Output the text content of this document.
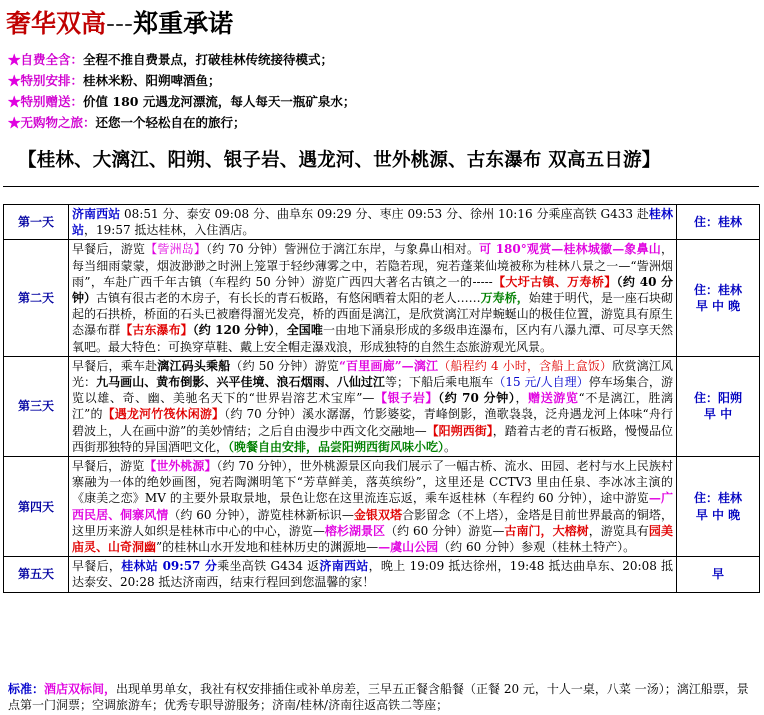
奢华双高---郑重承诺
★自费全含：全程不推自费景点，打破桂林传统接待模式；
★特别安排：桂林米粉、阳朔啤酒鱼；
★特别赠送：价值 180 元遇龙河漂流，每人每天一瓶矿泉水；
★无购物之旅：还您一个轻松自在的旅行；
【桂林、大漓江、阳朔、银子岩、遇龙河、世外桃源、古东瀑布 双高五日游】
第一天	济南西站 08:51 分、泰安 09:08 分、曲阜东 09:29 分、枣庄 09:53 分、徐州 10:16 分乘座高铁 G433 赴桂林站，19:57 抵达桂林，入住酒店。	住：桂林

第二天	早餐后，游览【訾洲岛】（约 70 分钟）訾洲位于漓江东岸，与象鼻山相对。可 180°观赏—桂林城徽—象鼻山，每当细雨蒙蒙，烟波渺渺之时洲上笼罩于轻纱薄雾之中，若隐若现，宛若蓬莱仙境被称为桂林八景之一—“訾洲烟雨”，车赴广西千年古镇（车程约 50 分钟）游览广西四大著名古镇之一的-----【大圩古镇、万寿桥】（约 40 分钟）古镇有很古老的木房子，有长长的青石板路，有悠闲晒着太阳的老人……万寿桥，始建于明代，是一座石块砌起的石拱桥，桥面的石头已被磨得溜光发亮，桥的西面是漓江，是欣赏漓江对岸蜿蜒山的极佳位置，游览具有原生态瀑布群【古东瀑布】（约 120 分钟），全国唯一由地下涌泉形成的多级串连瀑布，区内有八瀑九潭、可尽享天然氧吧。最大特色：可换穿草鞋、戴上安全帽走瀑戏浪，形成独特的自然生态旅游观光风景。	住：桂林
早 中 晚

第三天	早餐后，乘车赴漓江码头乘船（约 50 分钟）游览“百里画廊”—漓江（船程约 4 小时，含船上盒饭）欣赏漓江风光：九马画山、黄布倒影、兴平佳境、浪石烟雨、八仙过江等；下船后乘电瓶车（15 元/人自理）停车场集合，游览以雄、奇、幽、美驰名天下的“世界岩溶艺术宝库”—【银子岩】（约 70 分钟），赠送游览“不是漓江，胜漓江”的【遇龙河竹筏休闲游】（约 70 分钟）溪水潺潺，竹影婆娑，青峰倒影，渔歌袅袅，泛舟遇龙河上体味“舟行碧波上，人在画中游”的美妙情结；之后自由漫步中西文化交融地—【阳朔西街】，踏着古老的青石板路，慢慢品位西街那独特的异国酒吧文化，（晚餐自由安排，品尝阳朔西街风味小吃）。	住：阳朔
早 中

第四天	早餐后，游览【世外桃源】（约 70 分钟），世外桃源景区向我们展示了一幅古桥、流水、田园、老村与水上民族村寨融为一体的绝妙画图，宛若陶渊明笔下“芳草鲜美，落英缤纷”，这里还是 CCTV3 里由任泉、李冰冰主演的《康美之恋》MV 的主要外景取景地，景色让您在这里流连忘返，乘车返桂林（车程约 60 分钟），途中游览—广西民居、侗寨风情（约 60 分钟），游览桂林新标识—金银双塔合影留念（不上塔），金塔是目前世界最高的铜塔，这里历来游人如织是桂林市中心的中心，游览—榕杉湖景区（约 60 分钟）游览—古南门，大榕树，游览具有园美庙灵、山奇洞幽”的桂林山水开发地和桂林历史的渊源地——虞山公园（约 60 分钟）参观（桂林土特产）。	住：桂林
早 中 晚

第五天	早餐后，桂林站 09:57 分乘坐高铁 G434 返济南西站，晚上 19:09 抵达徐州，19:48 抵达曲阜东、20:08 抵达泰安、20:28 抵达济南西，结束行程回到您温馨的家！	早
标准：酒店双标间，出现单男单女，我社有权安排插住或补单房差，三早五正餐含船餐（正餐 20 元，十人一桌，八菜 一汤）；漓江船票，景点第一门洞票；空调旅游车；优秀专职导游服务；济南/桂林/济南往返高铁二等座；
